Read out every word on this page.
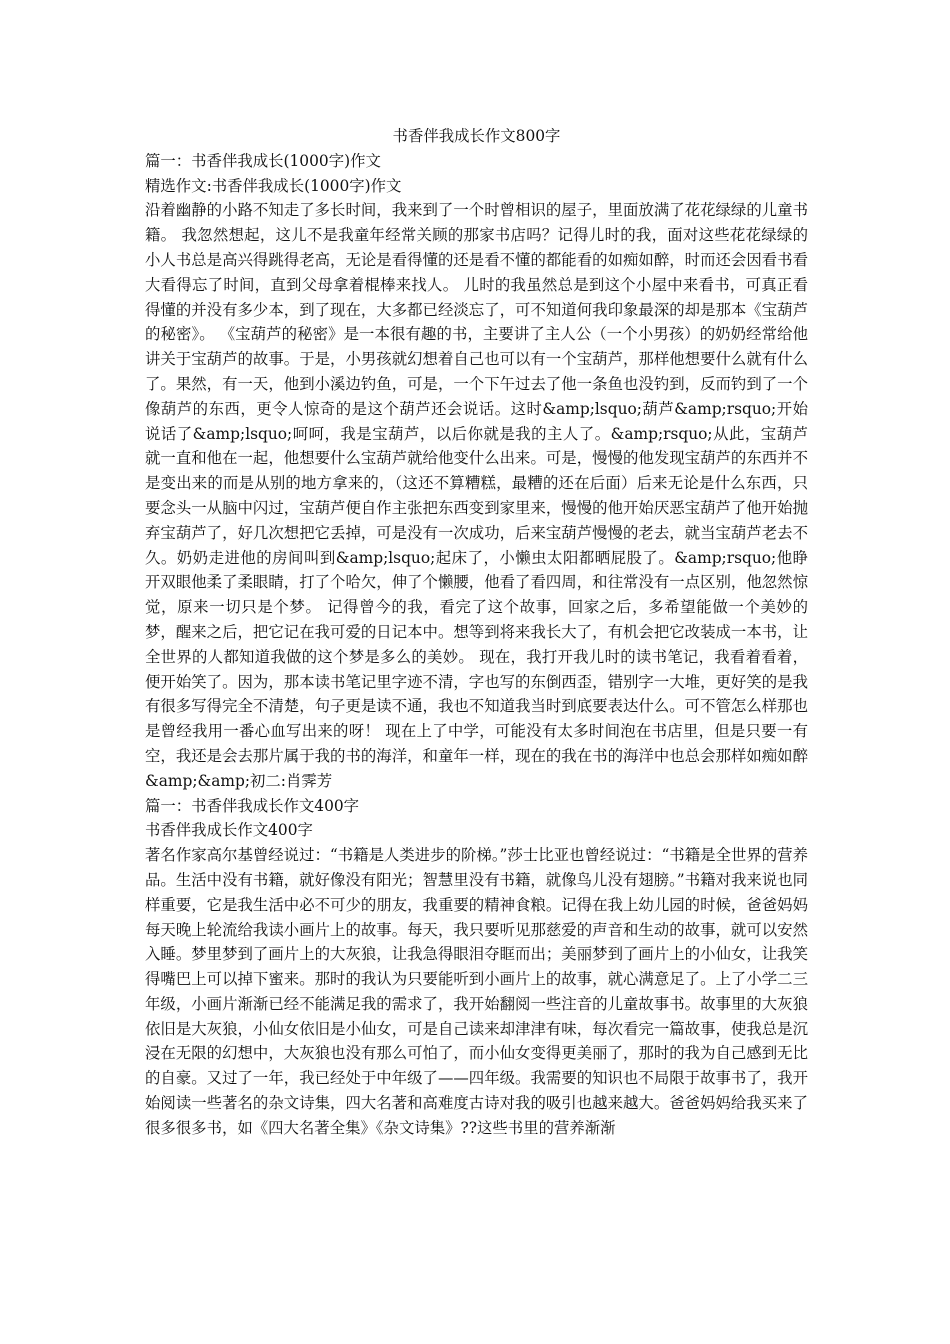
书香伴我成长作文800字

篇一：书香伴我成长(1000字)作文

精选作文:书香伴我成长(1000字)作文

沿着幽静的小路不知走了多长时间，我来到了一个时曾相识的屋子，里面放满了花花绿绿的儿童书籍。 我忽然想起，这儿不是我童年经常关顾的那家书店吗？记得儿时的我，面对这些花花绿绿的小人书总是高兴得跳得老高，无论是看得懂的还是看不懂的都能看的如痴如醉，时而还会因看书看大看得忘了时间，直到父母拿着棍棒来找人。 儿时的我虽然总是到这个小屋中来看书，可真正看得懂的并没有多少本，到了现在，大多都已经淡忘了，可不知道何我印象最深的却是那本《宝葫芦的秘密》。 《宝葫芦的秘密》是一本很有趣的书，主要讲了主人公（一个小男孩）的奶奶经常给他讲关于宝葫芦的故事。于是，小男孩就幻想着自己也可以有一个宝葫芦，那样他想要什么就有什么了。果然，有一天，他到小溪边钓鱼，可是，一个下午过去了他一条鱼也没钓到，反而钓到了一个像葫芦的东西，更令人惊奇的是这个葫芦还会说话。这时&amp;lsquo;葫芦&amp;rsquo;开始说话了&amp;lsquo;呵呵，我是宝葫芦，以后你就是我的主人了。&amp;rsquo;从此，宝葫芦就一直和他在一起，他想要什么宝葫芦就给他变什么出来。可是，慢慢的他发现宝葫芦的东西并不是变出来的而是从别的地方拿来的，（这还不算糟糕，最糟的还在后面）后来无论是什么东西，只要念头一从脑中闪过，宝葫芦便自作主张把东西变到家里来，慢慢的他开始厌恶宝葫芦了他开始抛弃宝葫芦了，好几次想把它丢掉，可是没有一次成功，后来宝葫芦慢慢的老去，就当宝葫芦老去不久。奶奶走进他的房间叫到&amp;lsquo;起床了，小懒虫太阳都晒屁股了。&amp;rsquo;他睁开双眼他柔了柔眼睛，打了个哈欠，伸了个懒腰，他看了看四周，和往常没有一点区别，他忽然惊觉，原来一切只是个梦。 记得曾今的我，看完了这个故事，回家之后，多希望能做一个美妙的梦，醒来之后，把它记在我可爱的日记本中。想等到将来我长大了，有机会把它改装成一本书，让全世界的人都知道我做的这个梦是多么的美妙。 现在，我打开我儿时的读书笔记，我看着看着，便开始笑了。因为，那本读书笔记里字迹不清，字也写的东倒西歪，错别字一大堆，更好笑的是我有很多写得完全不清楚，句子更是读不通，我也不知道我当时到底要表达什么。可不管怎么样那也是曾经我用一番心血写出来的呀！ 现在上了中学，可能没有太多时间泡在书店里，但是只要一有空，我还是会去那片属于我的书的海洋，和童年一样，现在的我在书的海洋中也总会那样如痴如醉&amp;&amp;初二:肖霁芳

篇一：书香伴我成长作文400字

书香伴我成长作文400字

著名作家高尔基曾经说过：“书籍是人类进步的阶梯。”莎士比亚也曾经说过：“书籍是全世界的营养品。生活中没有书籍，就好像没有阳光；智慧里没有书籍，就像鸟儿没有翅膀。”书籍对我来说也同样重要，它是我生活中必不可少的朋友，我重要的精神食粮。记得在我上幼儿园的时候，爸爸妈妈每天晚上轮流给我读小画片上的故事。每天，我只要听见那慈爱的声音和生动的故事，就可以安然入睡。梦里梦到了画片上的大灰狼，让我急得眼泪夺眶而出；美丽梦到了画片上的小仙女，让我笑得嘴巴上可以掉下蜜来。那时的我认为只要能听到小画片上的故事，就心满意足了。上了小学二三年级，小画片渐渐已经不能满足我的需求了，我开始翻阅一些注音的儿童故事书。故事里的大灰狼依旧是大灰狼，小仙女依旧是小仙女，可是自己读来却津津有味，每次看完一篇故事，使我总是沉浸在无限的幻想中，大灰狼也没有那么可怕了，而小仙女变得更美丽了，那时的我为自己感到无比的自豪。又过了一年，我已经处于中年级了——四年级。我需要的知识也不局限于故事书了，我开始阅读一些著名的杂文诗集，四大名著和高难度古诗对我的吸引也越来越大。爸爸妈妈给我买来了很多很多书，如《四大名著全集》《杂文诗集》??这些书里的营养渐渐
